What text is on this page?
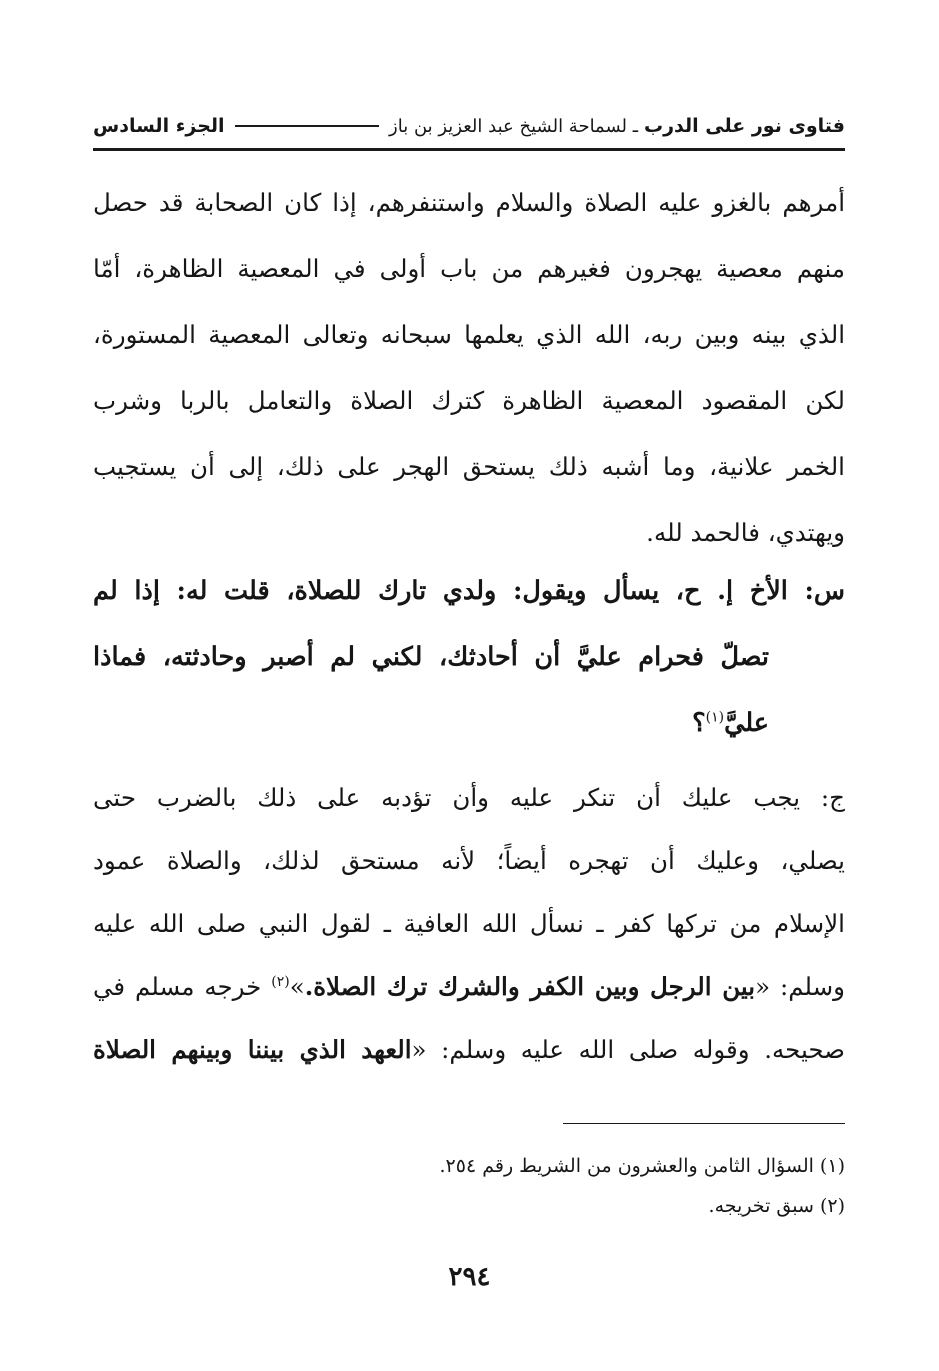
فتاوى نور على الدرب
ـ لسماحة الشيخ عبد العزيز بن باز
الجزء السادس
أمرهم بالغزو عليه الصلاة والسلام واستنفرهم، إذا كان الصحابة قد حصل
منهم معصية يهجرون فغيرهم من باب أولى في المعصية الظاهرة، أمّا
الذي بينه وبين ربه، الله الذي يعلمها سبحانه وتعالى المعصية المستورة،
لكن المقصود المعصية الظاهرة كترك الصلاة والتعامل بالربا وشرب
الخمر علانية، وما أشبه ذلك يستحق الهجر على ذلك، إلى أن يستجيب
ويهتدي، فالحمد لله.
س: الأخ إ. ح، يسأل ويقول: ولدي تارك للصلاة، قلت له: إذا لم
تصلّ فحرام عليَّ أن أحادثك، لكني لم أصبر وحادثته، فماذا
عليَّ$^{(١)}$؟
ج: يجب عليك أن تنكر عليه وأن تؤدبه على ذلك بالضرب حتى
يصلي، وعليك أن تهجره أيضاً؛ لأنه مستحق لذلك، والصلاة عمود
الإسلام من تركها كفر ـ نسأل الله العافية ـ لقول النبي صلى الله عليه
وسلم: «بين الرجل وبين الكفر والشرك ترك الصلاة.»$^{(٢)}$ خرجه مسلم في
صحيحه. وقوله صلى الله عليه وسلم: «العهد الذي بيننا وبينهم الصلاة
(١) السؤال الثامن والعشرون من الشريط رقم ٢٥٤.
(٢) سبق تخريجه.
٢٩٤
